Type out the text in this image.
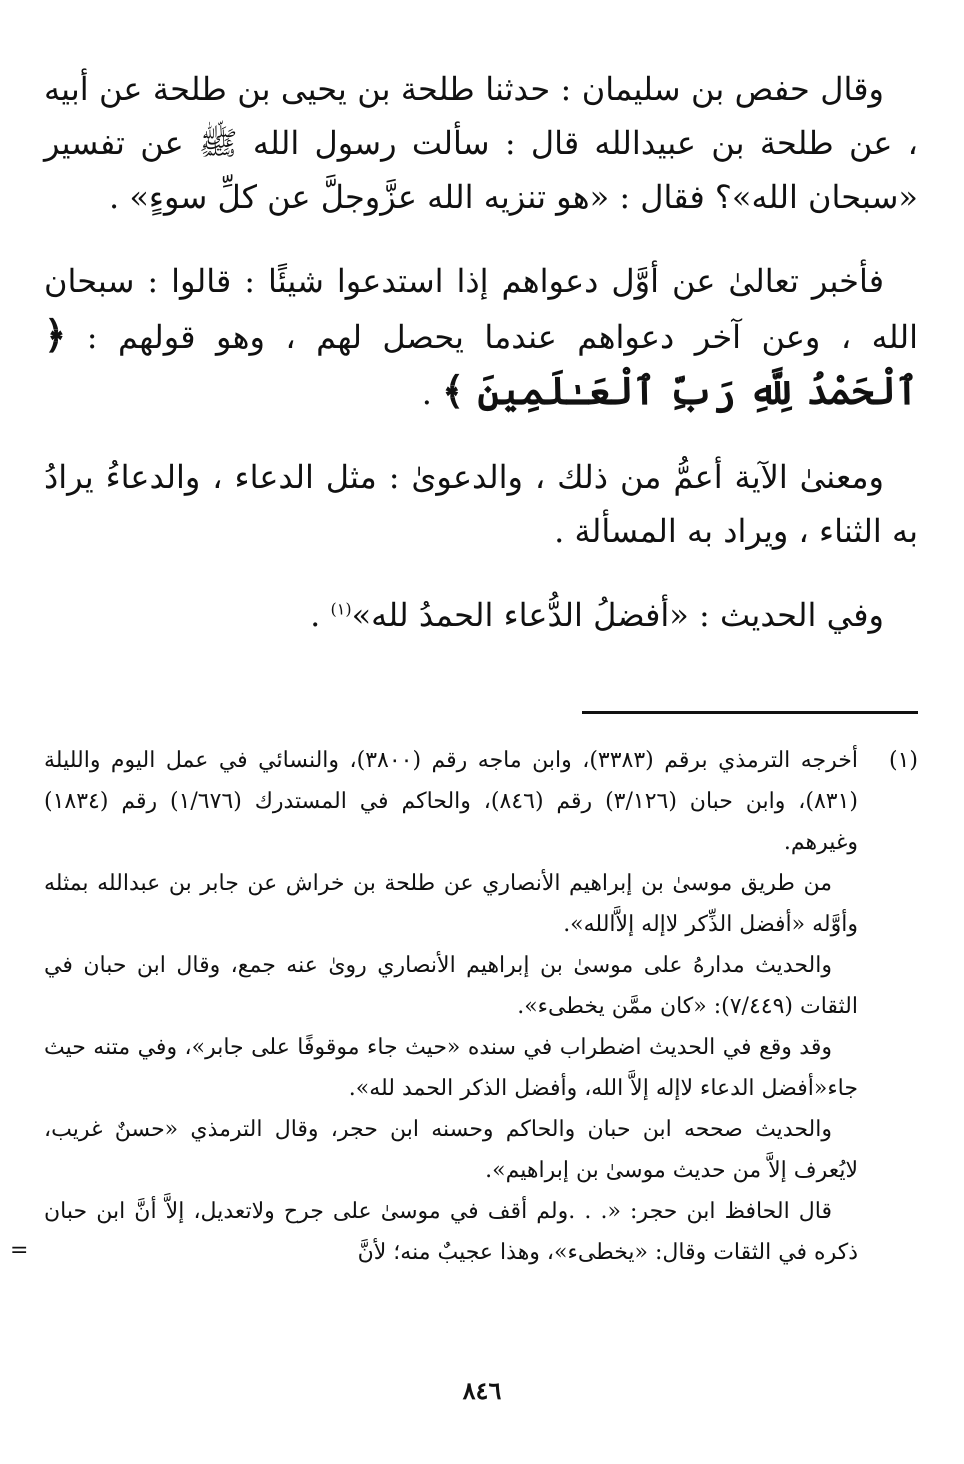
وقال حفص بن سليمان : حدثنا طلحة بن يحيى بن طلحة عن أبيه ، عن طلحة بن عبيدالله قال : سألت رسول الله ﷺ عن تفسير «سبحان الله»؟ فقال : «هو تنزيه الله عزَّوجلَّ عن كلِّ سوءٍ» .

فأخبر تعالىٰ عن أوَّل دعواهم إذا استدعوا شيئًا : قالوا : سبحان الله ، وعن آخر دعواهم عندما يحصل لهم ، وهو قولهم : ﴿ ٱلْحَمْدُ لِلَّهِ رَبِّ ٱلْعَـٰلَمِينَ ﴾ .

ومعنىٰ الآية أعمُّ من ذلك ، والدعوىٰ : مثل الدعاء ، والدعاءُ يرادُ به الثناء ، ويراد به المسألة .

وفي الحديث : «أفضلُ الدُّعاء الحمدُ لله»$^{(١)}$ .

(١)

أخرجه الترمذي برقم (٣٣٨٣)، وابن ماجه رقم (٣٨٠٠)، والنسائي في عمل اليوم والليلة (٨٣١)، وابن حبان (٣/١٢٦) رقم (٨٤٦)، والحاكم في المستدرك (١/٦٧٦) رقم (١٨٣٤) وغيرهم.

من طريق موسىٰ بن إبراهيم الأنصاري عن طلحة بن خراش عن جابر بن عبدالله بمثله وأوَّله «أفضل الذِّكر لاإله إلاَّالله».

والحديث مدارهُ على موسىٰ بن إبراهيم الأنصاري روىٰ عنه جمع، وقال ابن حبان في الثقات (٧/٤٤٩): «كان ممَّن يخطىء».

وقد وقع في الحديث اضطراب في سنده «حيث جاء موقوفًا على جابر»، وفي متنه حيث جاء«أفضل الدعاء لاإله إلاَّ الله، وأفضل الذكر الحمد لله».

والحديث صححه ابن حبان والحاكم وحسنه ابن حجر، وقال الترمذي «حسنٌ غريب، لايُعرف إلاَّ من حديث موسىٰ بن إبراهيم».

قال الحافظ ابن حجر: «. . .ولم أقف في موسىٰ على جرح ولاتعديل، إلاَّ أنَّ ابن حبان ذكره في الثقات وقال: «يخطىء»، وهذا عجيبٌ منه؛ لأنَّ

=
٨٤٦
